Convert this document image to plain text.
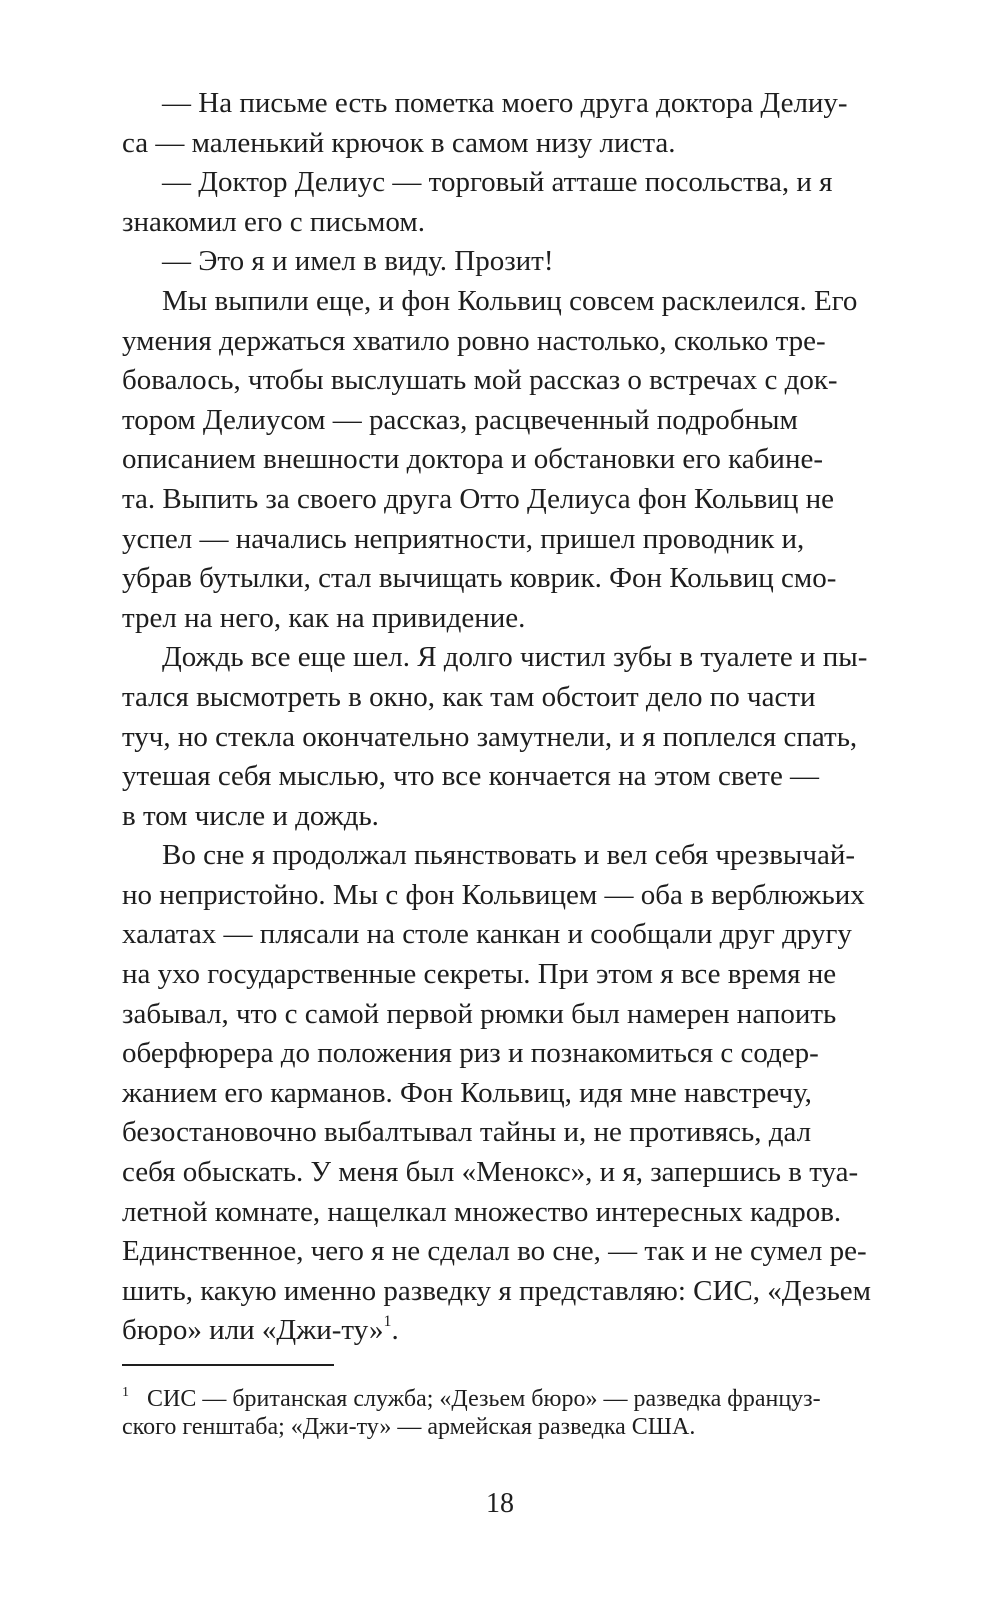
— На письме есть пометка моего друга доктора Делиу-
са — маленький крючок в самом низу листа.
— Доктор Делиус — торговый атташе посольства, и я
знакомил его с письмом.
— Это я и имел в виду. Прозит!
Мы выпили еще, и фон Кольвиц совсем расклеился. Его
умения держаться хватило ровно настолько, сколько тре-
бовалось, чтобы выслушать мой рассказ о встречах с док-
тором Делиусом — рассказ, расцвеченный подробным
описанием внешности доктора и обстановки его кабине-
та. Выпить за своего друга Отто Делиуса фон Кольвиц не
успел — начались неприятности, пришел проводник и,
убрав бутылки, стал вычищать коврик. Фон Кольвиц смо-
трел на него, как на привидение.
Дождь все еще шел. Я долго чистил зубы в туалете и пы-
тался высмотреть в окно, как там обстоит дело по части
туч, но стекла окончательно замутнели, и я поплелся спать,
утешая себя мыслью, что все кончается на этом свете —
в том числе и дождь.
Во сне я продолжал пьянствовать и вел себя чрезвычай-
но непристойно. Мы с фон Кольвицем — оба в верблюжьих
халатах — плясали на столе канкан и сообщали друг другу
на ухо государственные секреты. При этом я все время не
забывал, что с самой первой рюмки был намерен напоить
оберфюрера до положения риз и познакомиться с содер-
жанием его карманов. Фон Кольвиц, идя мне навстречу,
безостановочно выбалтывал тайны и, не противясь, дал
себя обыскать. У меня был «Менокс», и я, запершись в туа-
летной комнате, нащелкал множество интересных кадров.
Единственное, чего я не сделал во сне, — так и не сумел ре-
шить, какую именно разведку я представляю: СИС, «Дезьем
бюро» или «Джи-ту»$^1$.
$^1$ СИС — британская служба; «Дезьем бюро» — разведка француз-
ского генштаба; «Джи-ту» — армейская разведка США.
18
